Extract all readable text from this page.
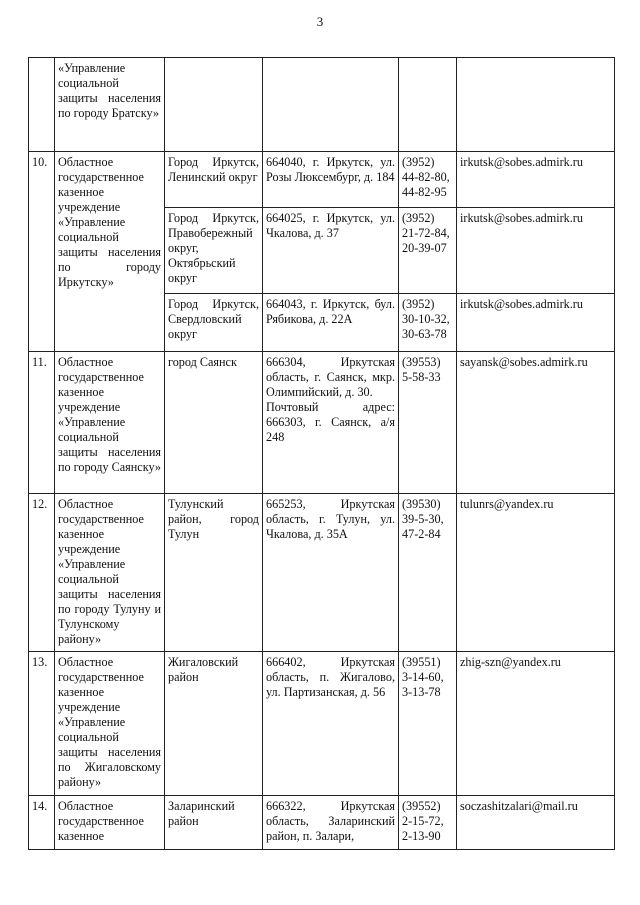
3
	«Управление социальной защиты населения по городу Братску»				
10.	Областное государственное казенное учреждение «Управление социальной защиты населения по городу Иркутску»	Город Иркутск, Ленинский округ	664040, г. Иркутск, ул. Розы Люксембург, д. 184	(3952)
44-82-80,
44-82-95	irkutsk@sobes.admirk.ru
		Город Иркутск, Правобережный округ, Октябрьский округ	664025, г. Иркутск, ул. Чкалова, д. 37	(3952)
21-72-84,
20-39-07	irkutsk@sobes.admirk.ru
		Город Иркутск, Свердловский округ	664043, г. Иркутск, бул. Рябикова, д. 22А	(3952)
30-10-32,
30-63-78	irkutsk@sobes.admirk.ru
11.	Областное государственное казенное учреждение «Управление социальной защиты населения по городу Саянску»	город Саянск	666304, Иркутская область, г. Саянск, мкр. Олимпийский, д. 30.
Почтовый адрес: 666303, г. Саянск, а/я 248	(39553)
5-58-33	sayansk@sobes.admirk.ru
12.	Областное государственное казенное учреждение «Управление социальной защиты населения по городу Тулуну и Тулунскому району»	Тулунский район, город Тулун	665253, Иркутская область, г. Тулун, ул. Чкалова, д. 35А	(39530)
39-5-30,
47-2-84	tulunrs@yandex.ru
13.	Областное государственное казенное учреждение «Управление социальной защиты населения по Жигаловскому району»	Жигаловский район	666402, Иркутская область, п. Жигалово, ул. Партизанская, д. 56	(39551)
3-14-60,
3-13-78	zhig-szn@yandex.ru
14.	Областное государственное казенное	Заларинский район	666322, Иркутская область, Заларинский район, п. Залари,	(39552)
2-15-72,
2-13-90	soczashitzalari@mail.ru
